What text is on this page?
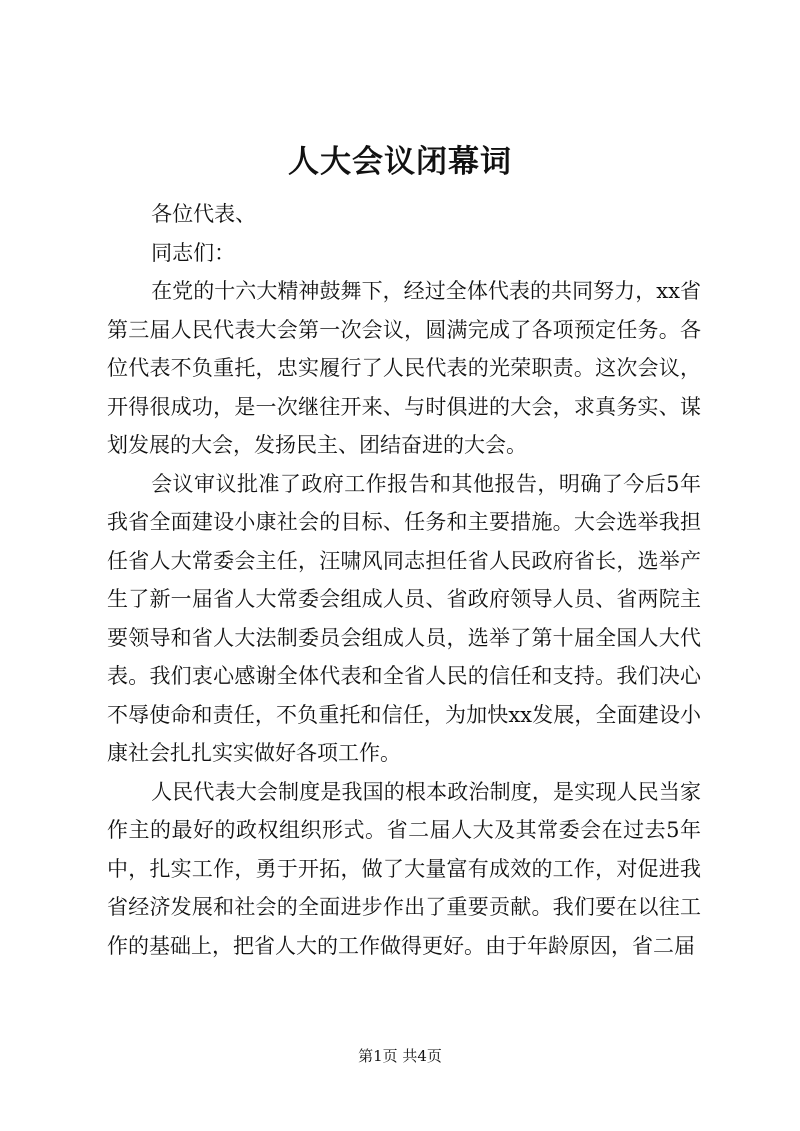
人大会议闭幕词

各位代表、

同志们：

在党的十六大精神鼓舞下，经过全体代表的共同努力，xx省第三届人民代表大会第一次会议，圆满完成了各项预定任务。各位代表不负重托，忠实履行了人民代表的光荣职责。这次会议，开得很成功，是一次继往开来、与时俱进的大会，求真务实、谋划发展的大会，发扬民主、团结奋进的大会。

会议审议批准了政府工作报告和其他报告，明确了今后5年我省全面建设小康社会的目标、任务和主要措施。大会选举我担任省人大常委会主任，汪啸风同志担任省人民政府省长，选举产生了新一届省人大常委会组成人员、省政府领导人员、省两院主要领导和省人大法制委员会组成人员，选举了第十届全国人大代表。我们衷心感谢全体代表和全省人民的信任和支持。我们决心不辱使命和责任，不负重托和信任，为加快xx发展，全面建设小康社会扎扎实实做好各项工作。

人民代表大会制度是我国的根本政治制度，是实现人民当家作主的最好的政权组织形式。省二届人大及其常委会在过去5年中，扎实工作，勇于开拓，做了大量富有成效的工作，对促进我省经济发展和社会的全面进步作出了重要贡献。我们要在以往工作的基础上，把省人大的工作做得更好。由于年龄原因，省二届

第1页 共4页
